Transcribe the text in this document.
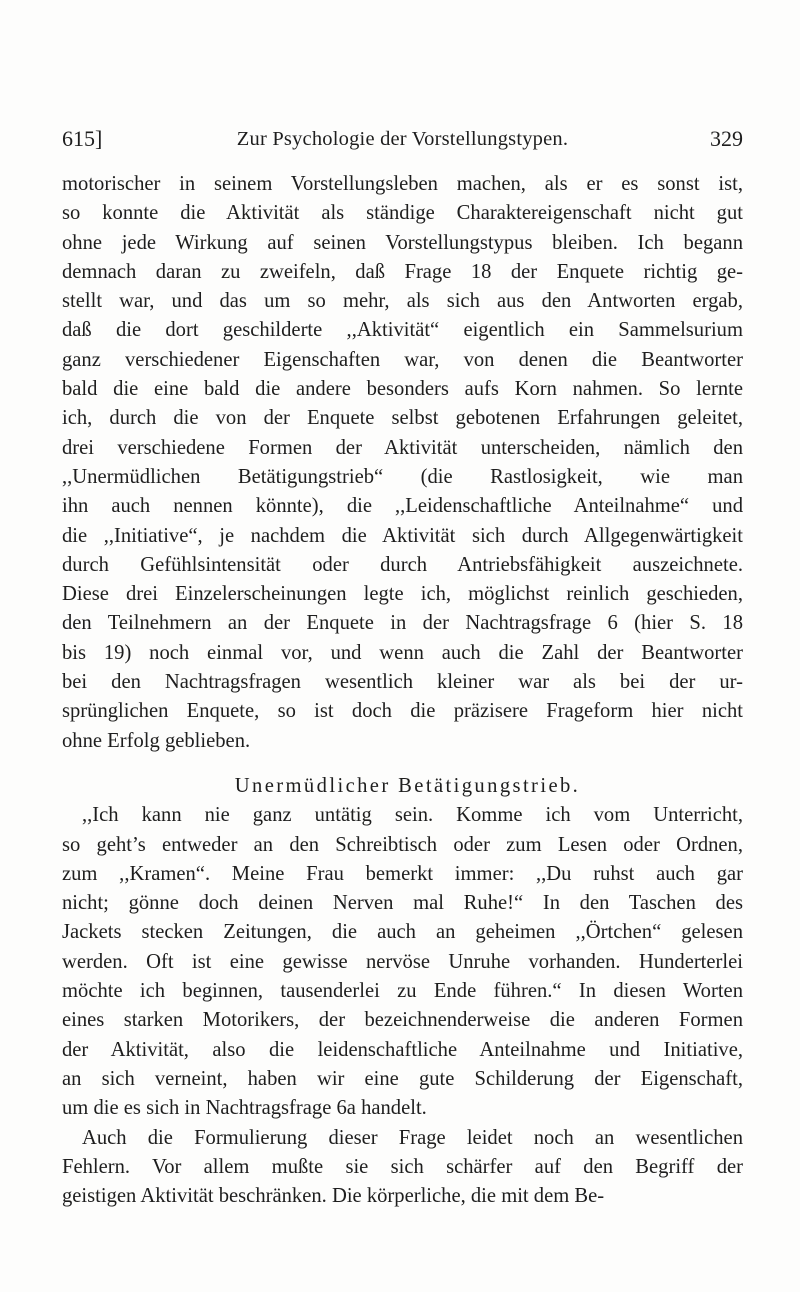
615]	Zur Psychologie der Vorstellungstypen.	329
motorischer in seinem Vorstellungsleben machen, als er es sonst ist,
so konnte die Aktivität als ständige Charaktereigenschaft nicht gut
ohne jede Wirkung auf seinen Vorstellungstypus bleiben. Ich begann
demnach daran zu zweifeln, daß Frage 18 der Enquete richtig ge-
stellt war, und das um so mehr, als sich aus den Antworten ergab,
daß die dort geschilderte ,,Aktivität“ eigentlich ein Sammelsurium
ganz verschiedener Eigenschaften war, von denen die Beantworter
bald die eine bald die andere besonders aufs Korn nahmen. So lernte
ich, durch die von der Enquete selbst gebotenen Erfahrungen geleitet,
drei verschiedene Formen der Aktivität unterscheiden, nämlich den
,,Unermüdlichen Betätigungstrieb“ (die Rastlosigkeit, wie man
ihn auch nennen könnte), die ,,Leidenschaftliche Anteilnahme“ und
die ,,Initiative“, je nachdem die Aktivität sich durch Allgegenwärtigkeit
durch Gefühlsintensität oder durch Antriebsfähigkeit auszeichnete.
Diese drei Einzelerscheinungen legte ich, möglichst reinlich geschieden,
den Teilnehmern an der Enquete in der Nachtragsfrage 6 (hier S. 18
bis 19) noch einmal vor, und wenn auch die Zahl der Beantworter
bei den Nachtragsfragen wesentlich kleiner war als bei der ur-
sprünglichen Enquete, so ist doch die präzisere Frageform hier nicht
ohne Erfolg geblieben.
Unermüdlicher Betätigungstrieb.
,,Ich kann nie ganz untätig sein. Komme ich vom Unterricht,
so geht’s entweder an den Schreibtisch oder zum Lesen oder Ordnen,
zum ,,Kramen“. Meine Frau bemerkt immer: ,,Du ruhst auch gar
nicht; gönne doch deinen Nerven mal Ruhe!“ In den Taschen des
Jackets stecken Zeitungen, die auch an geheimen ,,Örtchen“ gelesen
werden. Oft ist eine gewisse nervöse Unruhe vorhanden. Hunderterlei
möchte ich beginnen, tausenderlei zu Ende führen.“ In diesen Worten
eines starken Motorikers, der bezeichnenderweise die anderen Formen
der Aktivität, also die leidenschaftliche Anteilnahme und Initiative,
an sich verneint, haben wir eine gute Schilderung der Eigenschaft,
um die es sich in Nachtragsfrage 6a handelt.
Auch die Formulierung dieser Frage leidet noch an wesentlichen
Fehlern. Vor allem mußte sie sich schärfer auf den Begriff der
geistigen Aktivität beschränken. Die körperliche, die mit dem Be-
